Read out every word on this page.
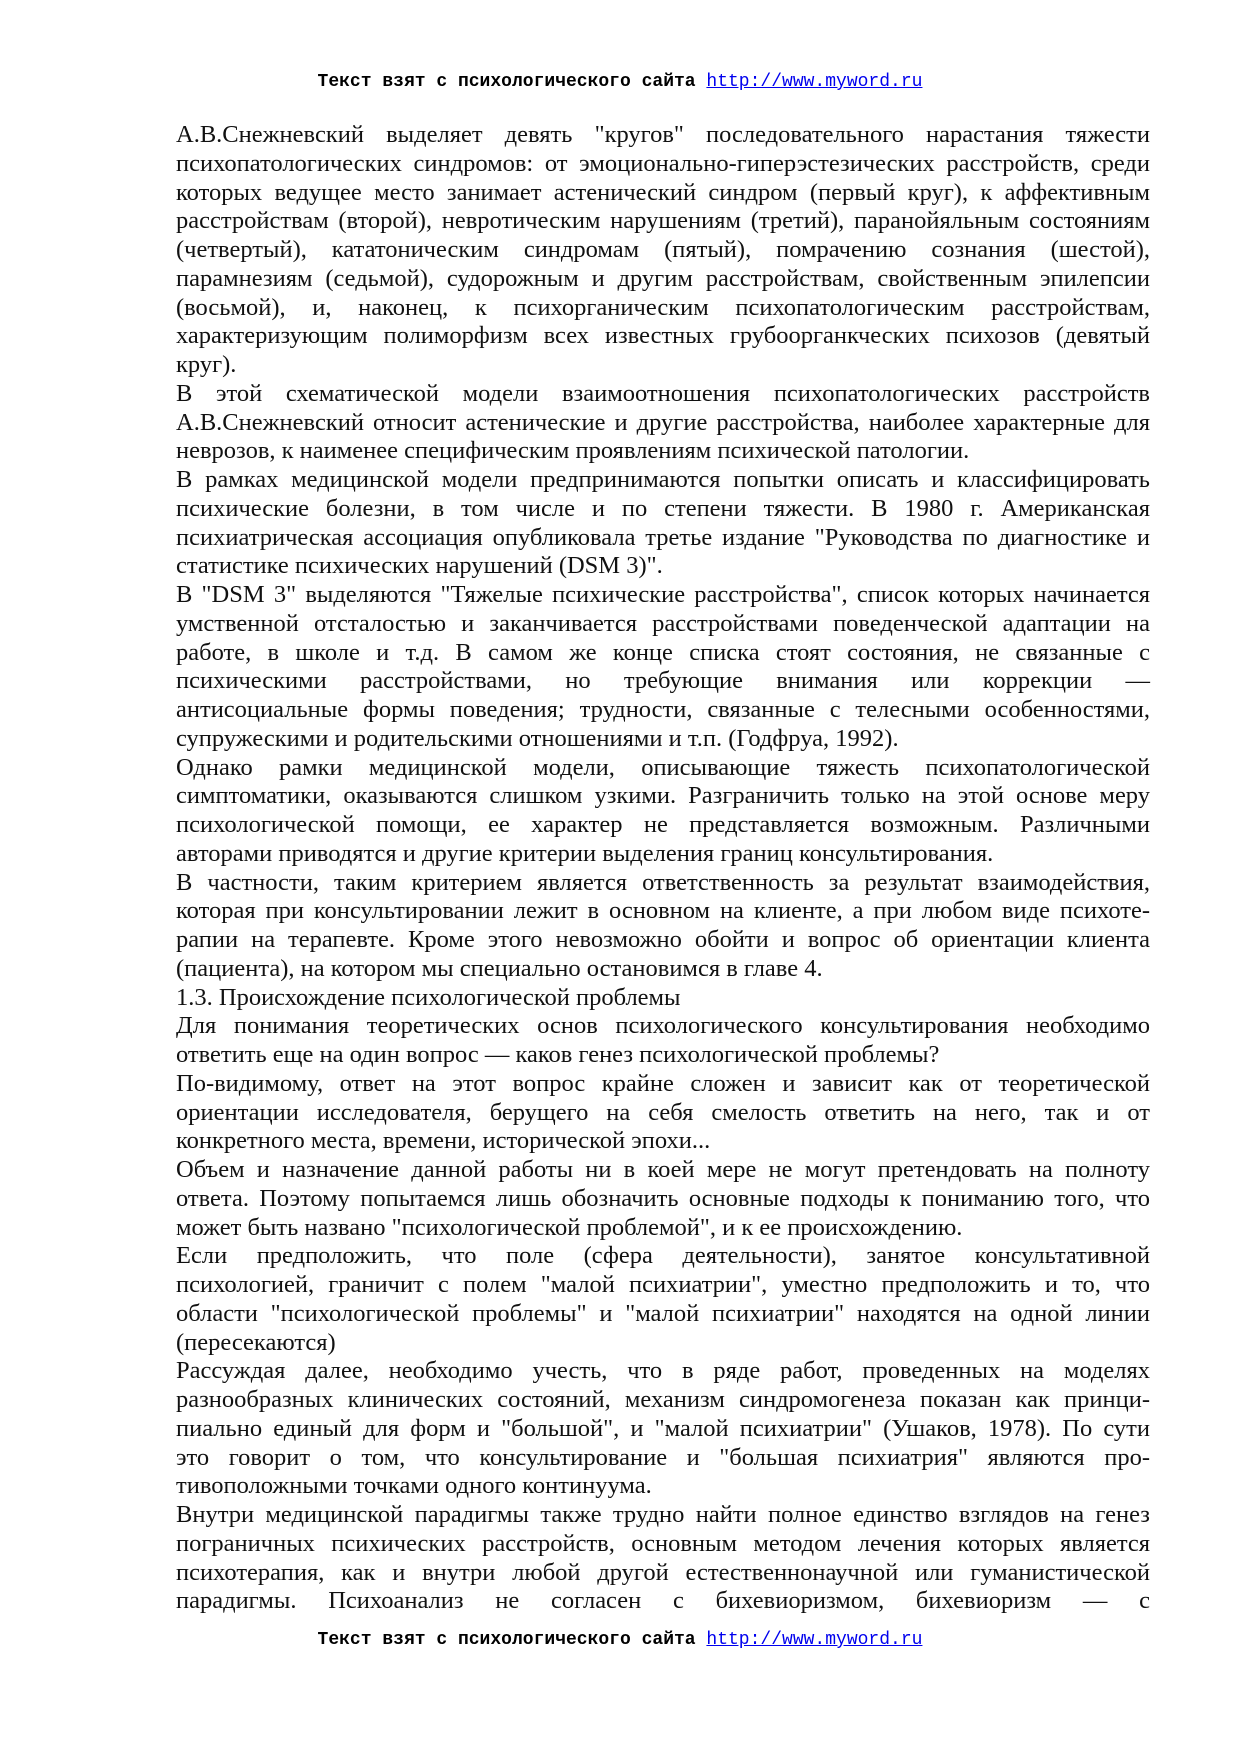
Текст взят с психологического сайта http://www.myword.ru
А.В.Снежневский выделяет девять "кругов" последовательного нарастания тяжести
психопатологических синдромов: от эмоционально-гиперэстезических расстройств, среди
которых ведущее место занимает астенический синдром (первый круг), к аффективным
расстройствам (второй), невротическим нарушениям (третий), паранойяльным состояниям
(четвертый), кататоническим синдромам (пятый), помрачению сознания (шестой),
парамнезиям (седьмой), судорожным и другим расстройствам, свойственным эпилепсии
(восьмой), и, наконец, к психорганическим психопатологическим расстройствам,
характеризующим полиморфизм всех известных грубоорганкческих психозов (девятый
круг).
В этой схематической модели взаимоотношения психопатологических расстройств
А.В.Снежневский относит астенические и другие расстройства, наиболее характерные для
неврозов, к наименее специфическим проявлениям психической патологии.
В рамках медицинской модели предпринимаются попытки описать и классифицировать
психические болезни, в том числе и по степени тяжести. В 1980 г. Американская
психиатрическая ассоциация опубликовала третье издание "Руководства по диагностике и
статистике психических нарушений (DSM 3)".
В "DSM 3" выделяются "Тяжелые психические расстройства", список которых начинается
умственной отсталостью и заканчивается расстройствами поведенческой адаптации на
работе, в школе и т.д. В самом же конце списка стоят состояния, не связанные с
психическими расстройствами, но требующие внимания или коррекции —
антисоциальные формы поведения; трудности, связанные с телесными особенностями,
супружескими и родительскими отношениями и т.п. (Годфруа, 1992).
Однако рамки медицинской модели, описывающие тяжесть психопатологической
симптоматики, оказываются слишком узкими. Разграничить только на этой основе меру
психологической помощи, ее характер не представляется возможным. Различными
авторами приводятся и другие критерии выделения границ консультирования.
В частности, таким критерием является ответственность за результат взаимодействия,
которая при консультировании лежит в основном на клиенте, а при любом виде психоте-
рапии на терапевте. Кроме этого невозможно обойти и вопрос об ориентации клиента
(пациента), на котором мы специально остановимся в главе 4.
1.3. Происхождение психологической проблемы
Для понимания теоретических основ психологического консультирования необходимо
ответить еще на один вопрос — каков генез психологической проблемы?
По-видимому, ответ на этот вопрос крайне сложен и зависит как от теоретической
ориентации исследователя, берущего на себя смелость ответить на него, так и от
конкретного места, времени, исторической эпохи...
Объем и назначение данной работы ни в коей мере не могут претендовать на полноту
ответа. Поэтому попытаемся лишь обозначить основные подходы к пониманию того, что
может быть названо "психологической проблемой", и к ее происхождению.
Если предположить, что поле (сфера деятельности), занятое консультативной
психологией, граничит с полем "малой психиатрии", уместно предположить и то, что
области "психологической проблемы" и "малой психиатрии" находятся на одной линии
(пересекаются)
Рассуждая далее, необходимо учесть, что в ряде работ, проведенных на моделях
разнообразных клинических состояний, механизм синдромогенеза показан как принци-
пиально единый для форм и "большой", и "малой психиатрии" (Ушаков, 1978). По сути
это говорит о том, что консультирование и "большая психиатрия" являются про-
тивоположными точками одного континуума.
Внутри медицинской парадигмы также трудно найти полное единство взглядов на генез
пограничных психических расстройств, основным методом лечения которых является
психотерапия, как и внутри любой другой естественнонаучной или гуманистической
парадигмы. Психоанализ не согласен с бихевиоризмом, бихевиоризм — с
Текст взят с психологического сайта http://www.myword.ru
